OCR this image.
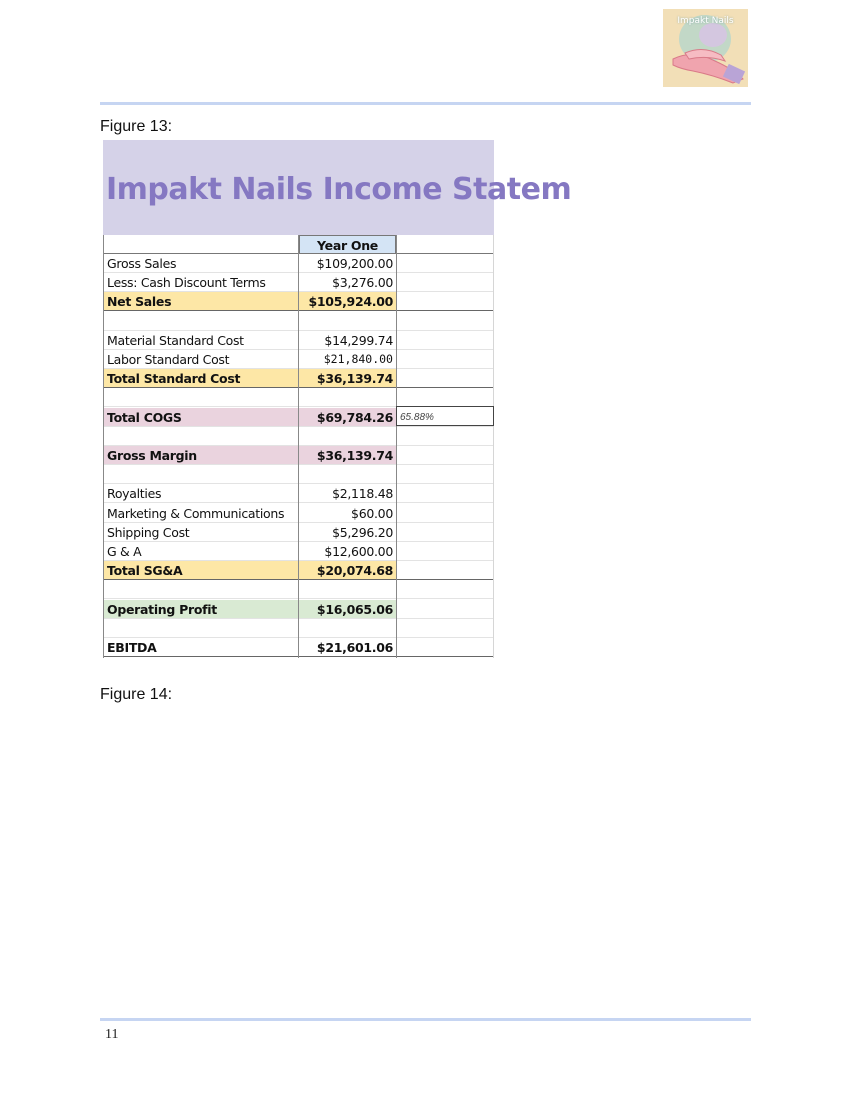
Impakt Nails
Figure 13:
Impakt Nails Income Statem
Year One
Gross Sales	$109,200.00
Less: Cash Discount Terms	$3,276.00
Net Sales	$105,924.00
Material Standard Cost	$14,299.74
Labor Standard Cost	$21,840.00
Total Standard Cost	$36,139.74
Total COGS	$69,784.26 65.88%
Gross Margin	$36,139.74
Royalties	$2,118.48
Marketing & Communications	$60.00
Shipping Cost	$5,296.20
G & A	$12,600.00
Total SG&A	$20,074.68
Operating Profit	$16,065.06
EBITDA	$21,601.06
Figure 14:
11
